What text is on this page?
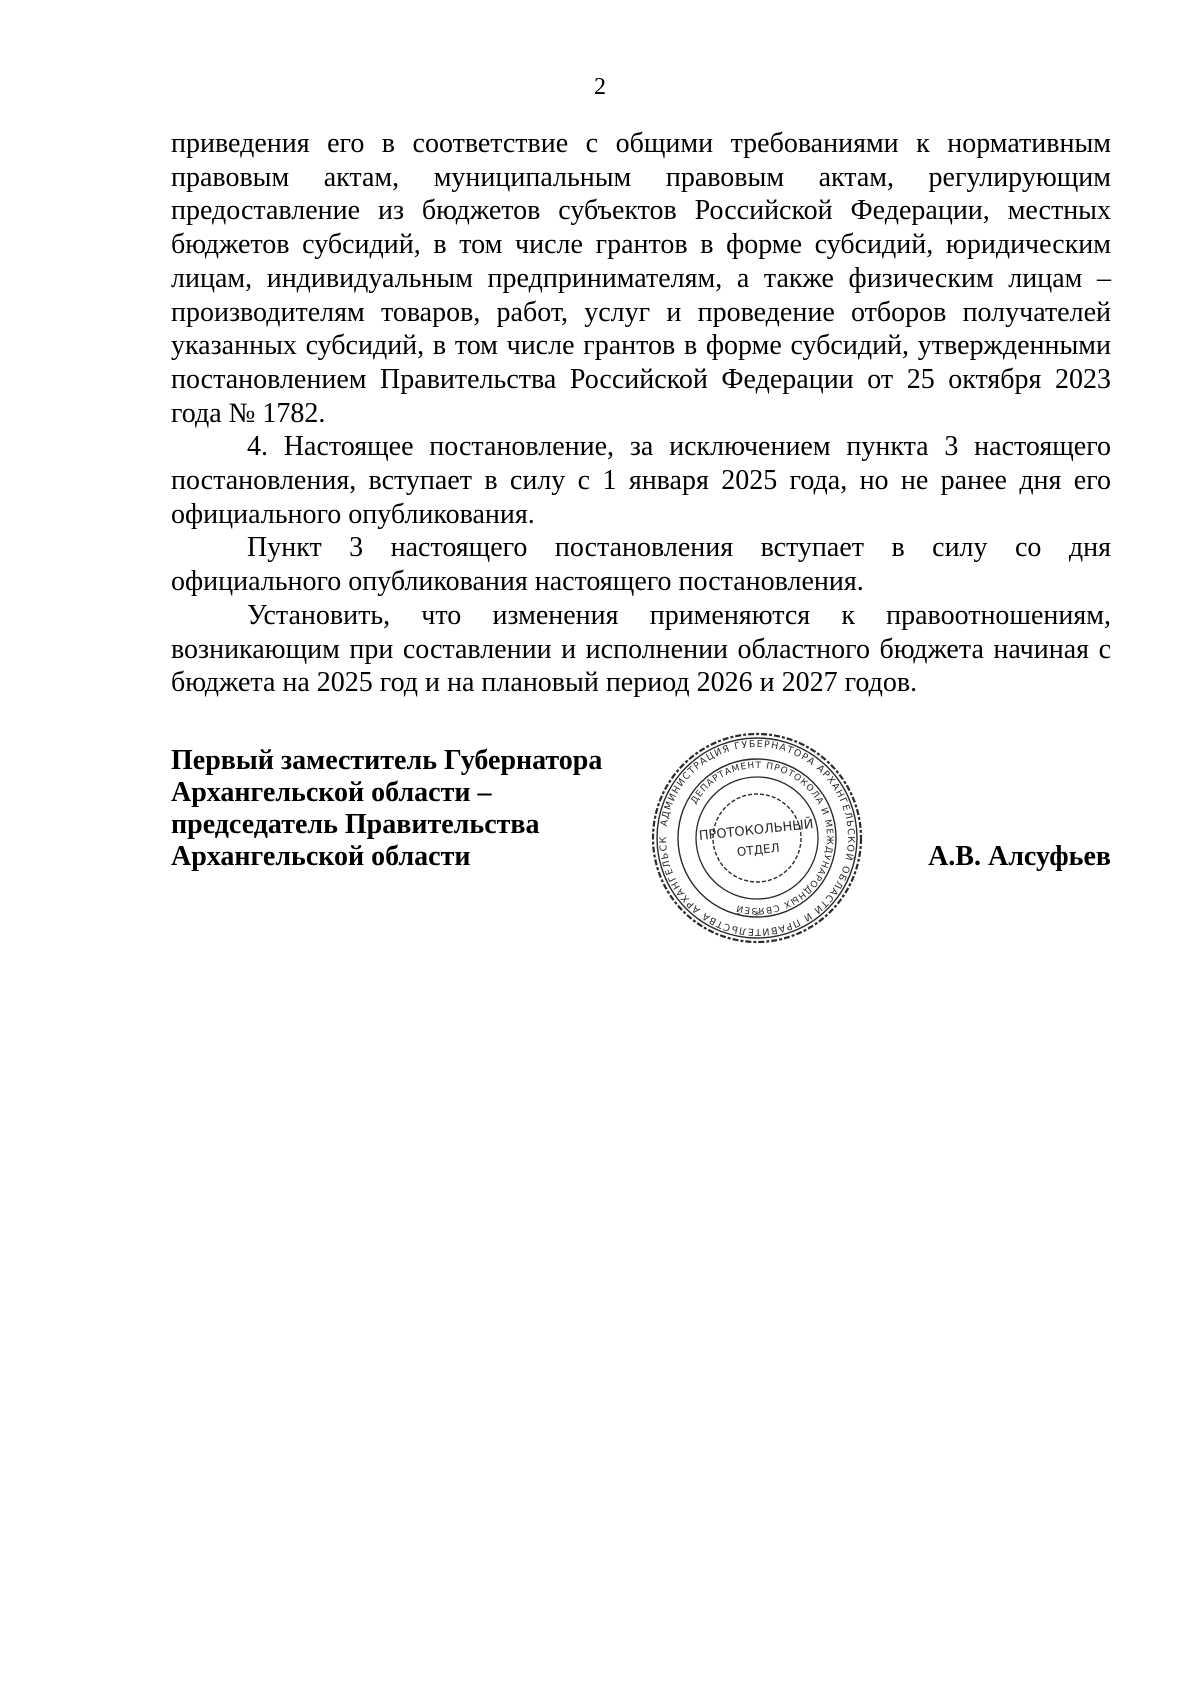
2

приведения его в соответствие с общими требованиями к нормативным правовым актам, муниципальным правовым актам, регулирующим предоставление из бюджетов субъектов Российской Федерации, местных бюджетов субсидий, в том числе грантов в форме субсидий, юридическим лицам, индивидуальным предпринимателям, а также физическим лицам – производителям товаров, работ, услуг и проведение отборов получателей указанных субсидий, в том числе грантов в форме субсидий, утвержденными постановлением Правительства Российской Федерации от 25 октября 2023 года № 1782.

4. Настоящее постановление, за исключением пункта 3 настоящего постановления, вступает в силу с 1 января 2025 года, но не ранее дня его официального опубликования.

Пункт 3 настоящего постановления вступает в силу со дня официального опубликования настоящего постановления.

Установить, что изменения применяются к правоотношениям, возникающим при составлении и исполнении областного бюджета начиная с бюджета на 2025 год и на плановый период 2026 и 2027 годов.

Первый заместитель Губернатора
Архангельской области –
председатель Правительства
Архангельской области	А.В. Алсуфьев
АДМИНИСТРАЦИЯ ГУБЕРНАТОРА АРХАНГЕЛЬСКОЙ ОБЛАСТИ И ПРАВИТЕЛЬСТВА АРХАНГЕЛЬСК
ДЕПАРТАМЕНТ ПРОТОКОЛА И МЕЖДУНАРОДНЫХ СВЯЗЕЙ
ПРОТОКОЛЬНЫЙ
ОТДЕЛ
*
